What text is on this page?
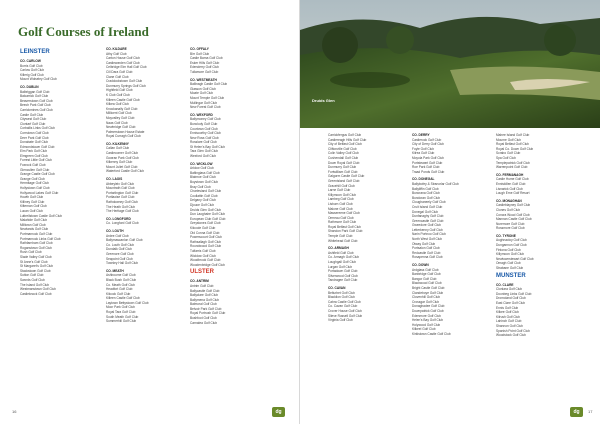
Golf Courses of Ireland
LEINSTER
CO. CARLOW
Borris Golf Club
Carlow Golf Club
Killerig Golf Club
Mount Wolseley Golf Club
CO. DUBLIN
Balbriggan Golf Club
Balcarrick Golf Club
Beaverstown Golf Club
Beech Park Golf Club
Carrickmines Golf Club
Castle Golf Club
Citywest Golf Club
Clontarf Golf Club
Corballis Links Golf Club
Corrstown Golf Club
Deer Park Golf Club
Donabate Golf Club
Edmondstown Golf Club
Elm Park Golf Club
Elmgreen Golf Club
Forrest Little Golf Club
Foxrock Golf Club
Glencullen Golf Club
Grange Castle Golf Club
Grange Golf Club
Hermitage Golf Club
Hollystown Golf Club
Hollywood Lakes Golf Club
Howth Golf Club
Killiney Golf Club
Kilternan Golf Club
Lucan Golf Club
Luttrellstown Castle Golf Club
Malahide Golf Club
Milltown Golf Club
Newlands Golf Club
Portmarnock Golf Club
Portmarnock Links Golf Club
Rathfarnham Golf Club
Roganstown Golf Club
Rush Golf Club
Slade Valley Golf Club
St Anne's Golf Club
St Margaret's Golf Club
Stackstown Golf Club
Sutton Golf Club
Swords Golf Club
The Island Golf Club
Westmanstown Golf Club
Castleknock Golf Club
CO. KILDARE
Athy Golf Club
Carton House Golf Club
Castlewarden Golf Club
Celbridge Elm Hall Golf Club
Cill Dara Golf Club
Clane Golf Club
Craddockstown Golf Club
Dunmurry Springs Golf Club
Highfield Golf Club
K Club Golf Club
Killeen Castle Golf Club
Kilkea Golf Club
Knockanally Golf Club
Millicent Golf Club
Moyvalley Golf Club
Naas Golf Club
Newbridge Golf Club
Palmerstown House Estate
Royal Curragh Golf Club
CO. KILKENNY
Callan Golf Club
Castlecomer Golf Club
Gowran Park Golf Club
Kilkenny Golf Club
Mount Juliet Golf Club
Waterford Castle Golf Club
CO. LAOIS
Abbeyleix Golf Club
Mountrath Golf Club
Portarlington Golf Club
Portlaoise Golf Club
Rathdowney Golf Club
The Heath Golf Club
The Heritage Golf Club
CO. LONGFORD
Co. Longford Golf Club
CO. LOUTH
Ardee Golf Club
Ballymascanlon Golf Club
Co. Louth Golf Club
Dundalk Golf Club
Greenore Golf Club
Seapoint Golf Club
Townley Hall Golf Club
CO. MEATH
Ashbourne Golf Club
Black Bush Golf Club
Co. Meath Golf Club
Headfort Golf Club
Kilcock Golf Club
Killeen Castle Golf Club
Laytown Bettystown Golf Club
Moor Park Golf Club
Royal Tara Golf Club
South Meath Golf Club
Summerhill Golf Club
CO. OFFALY
Birr Golf Club
Castle Barna Golf Club
Esker Hills Golf Club
Edenderry Golf Club
Tullamore Golf Club
CO. WESTMEATH
Ballinagh Castle Golf Club
Glasson Golf Club
Moate Golf Club
Mount Temple Golf Club
Mullingar Golf Club
New Forest Golf Club
CO. WEXFORD
Ballymoney Golf Club
Bunclody Golf Club
Courtown Golf Club
Enniscorthy Golf Club
New Ross Golf Club
Rosslare Golf Club
St Helen's Bay Golf Club
Tara Glen Golf Club
Wexford Golf Club
CO. WICKLOW
Arklow Golf Club
Baltinglass Golf Club
Blainroe Golf Club
Boystown Golf Club
Bray Golf Club
Charlesland Golf Club
Coollattin Golf Club
Delgany Golf Club
Djouce Golf Club
Druids Glen Golf Club
Dun Laoghaire Golf Club
European Club Golf Club
Greystones Golf Club
Kilcoole Golf Club
Old Conna Golf Club
Powerscourt Golf Club
Rathsallagh Golf Club
Roundwood Golf Club
Tulfarris Golf Club
Wicklow Golf Club
Woodbrook Golf Club
Woodenbridge Golf Club
ULSTER
CO. ANTRIM
Antrim Golf Club
Ballycastle Golf Club
Ballyclare Golf Club
Ballymena Golf Club
Balmoral Golf Club
Belvoir Park Golf Club
Royal Portrush Golf Club
Bushfoot Golf Club
Carnalea Golf Club
16	dg
Druids Glen
Carrickfergus Golf Club
Castlereagh Hills Golf Club
City of Belfast Golf Club
Cliftonville Golf Club
Colin Valley Golf Club
Cushendall Golf Club
Down Royal Golf Club
Dunmurry Golf Club
Fortwilliam Golf Club
Galgorm Castle Golf Club
Greenisland Golf Club
Gracehill Golf Club
Larne Golf Club
Killymoon Golf Club
Lambeg Golf Club
Lisburn Golf Club
Malone Golf Club
Massereene Golf Club
Ormeau Golf Club
Rathmore Golf Club
Royal Belfast Golf Club
Shandon Park Golf Club
Temple Golf Club
Whitehead Golf Club
CO. ARMAGH
Ashfield Golf Club
Co. Armagh Golf Club
Loughgall Golf Club
Lurgan Golf Club
Portadown Golf Club
Silverwood Golf Club
Tandragee Golf Club
CO. CAVAN
Belturbet Golf Club
Blacklion Golf Club
Cabra Castle Golf Club
Co. Cavan Golf Club
Crover House Golf Club
Slieve Russell Golf Club
Virginia Golf Club
CO. DERRY
Castlerock Golf Club
City of Derry Golf Club
Foyle Golf Club
Kilrea Golf Club
Moyola Park Golf Club
Portstewart Golf Club
Roe Park Golf Club
Traad Ponds Golf Club
CO. DONEGAL
Ballybofey & Stranorlar Golf Club
Ballyliffin Golf Club
Buncrana Golf Club
Bundoran Golf Club
Cloughaneely Golf Club
Cruit Island Golf Club
Donegal Golf Club
Dunfanaghy Golf Club
Greencastle Golf Club
Gweedore Golf Club
Letterkenny Golf Club
Narin Portnoo Golf Club
North West Golf Club
Otway Golf Club
Portsalon Golf Club
Redcastle Golf Club
Rosapenna Golf Club
CO. DOWN
Ardglass Golf Club
Banbridge Golf Club
Bangor Golf Club
Blackwood Golf Club
Bright Castle Golf Club
Clandeboye Golf Club
Clovenhill Golf Club
Crossgar Golf Club
Donaghadee Golf Club
Downpatrick Golf Club
Edenmore Golf Club
Helen's Bay Golf Club
Holywood Golf Club
Kilkeel Golf Club
Kirkistown Castle Golf Club
Mahee Island Golf Club
Mourne Golf Club
Royal Belfast Golf Club
Royal Co. Down Golf Club
Scrabo Golf Club
Spa Golf Club
Templepatrick Golf Club
Warrenpoint Golf Club
CO. FERMANAGH
Castle Hume Golf Club
Enniskillen Golf Club
Lisnarick Golf Club
Lough Erne Golf Resort
CO. MONAGHAN
Castleblayney Golf Club
Clones Golf Club
Concra Wood Golf Club
Mannan Castle Golf Club
Nuremore Golf Club
Rossmore Golf Club
CO. TYRONE
Aughnacloy Golf Club
Dungannon Golf Club
Fintona Golf Club
Killymoon Golf Club
Newtownstewart Golf Club
Omagh Golf Club
Strabane Golf Club
MUNSTER
CO. CLARE
Clonlara Golf Club
Doonbeg Links Golf Club
Dromoland Golf Club
East Clare Golf Club
Ennis Golf Club
Kilkee Golf Club
Kilrush Golf Club
Lahinch Golf Club
Shannon Golf Club
Spanish Point Golf Club
Woodstock Golf Club
dg	17
